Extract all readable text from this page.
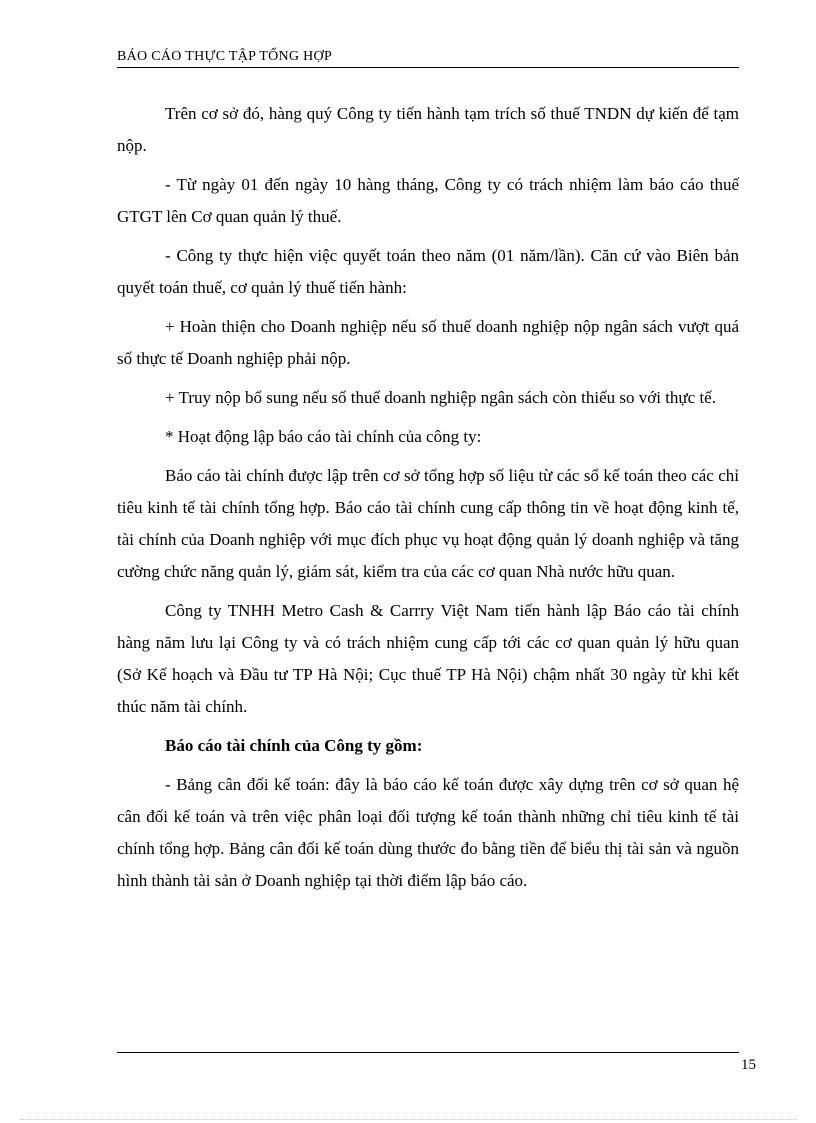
BÁO CÁO THỰC TẬP TỔNG HỢP

Trên cơ sở đó, hàng quý Công ty tiến hành tạm trích số thuế TNDN dự kiến để tạm nộp.

- Từ ngày 01 đến ngày 10 hàng tháng, Công ty có trách nhiệm làm báo cáo thuế GTGT lên Cơ quan quản lý thuế.

- Công ty thực hiện việc quyết toán theo năm (01 năm/lần). Căn cứ vào Biên bản quyết toán thuế, cơ quản lý thuế tiến hành:

+ Hoàn thiện cho Doanh nghiệp nếu số thuế doanh nghiệp nộp ngân sách vượt quá số thực tế Doanh nghiệp phải nộp.

+ Truy nộp bổ sung nếu số thuế doanh nghiệp ngân sách còn thiếu so với thực tế.

* Hoạt động lập báo cáo tài chính của công ty:

Báo cáo tài chính được lập trên cơ sở tổng hợp số liệu từ các sổ kế toán theo các chỉ tiêu kinh tế tài chính tổng hợp. Báo cáo tài chính cung cấp thông tin về hoạt động kinh tế, tài chính của Doanh nghiệp với mục đích phục vụ hoạt động quản lý doanh nghiệp và tăng cường chức năng quản lý, giám sát, kiểm tra của các cơ quan Nhà nước hữu quan.

Công ty TNHH Metro Cash & Carrry Việt Nam tiến hành lập Báo cáo tài chính hàng năm lưu lại Công ty và có trách nhiệm cung cấp tới các cơ quan quản lý hữu quan (Sở Kế hoạch và Đầu tư TP Hà Nội; Cục thuế TP Hà Nội) chậm nhất 30 ngày từ khi kết thúc năm tài chính.

Báo cáo tài chính của Công ty gồm:

- Bảng cân đối kế toán: đây là báo cáo kế toán được xây dựng trên cơ sở quan hệ cân đối kế toán và trên việc phân loại đối tượng kế toán thành những chỉ tiêu kinh tế tài chính tổng hợp. Bảng cân đối kế toán dùng thước đo bằng tiền để biểu thị tài sản và nguồn hình thành tài sản ở Doanh nghiệp tại thời điểm lập báo cáo.

15
